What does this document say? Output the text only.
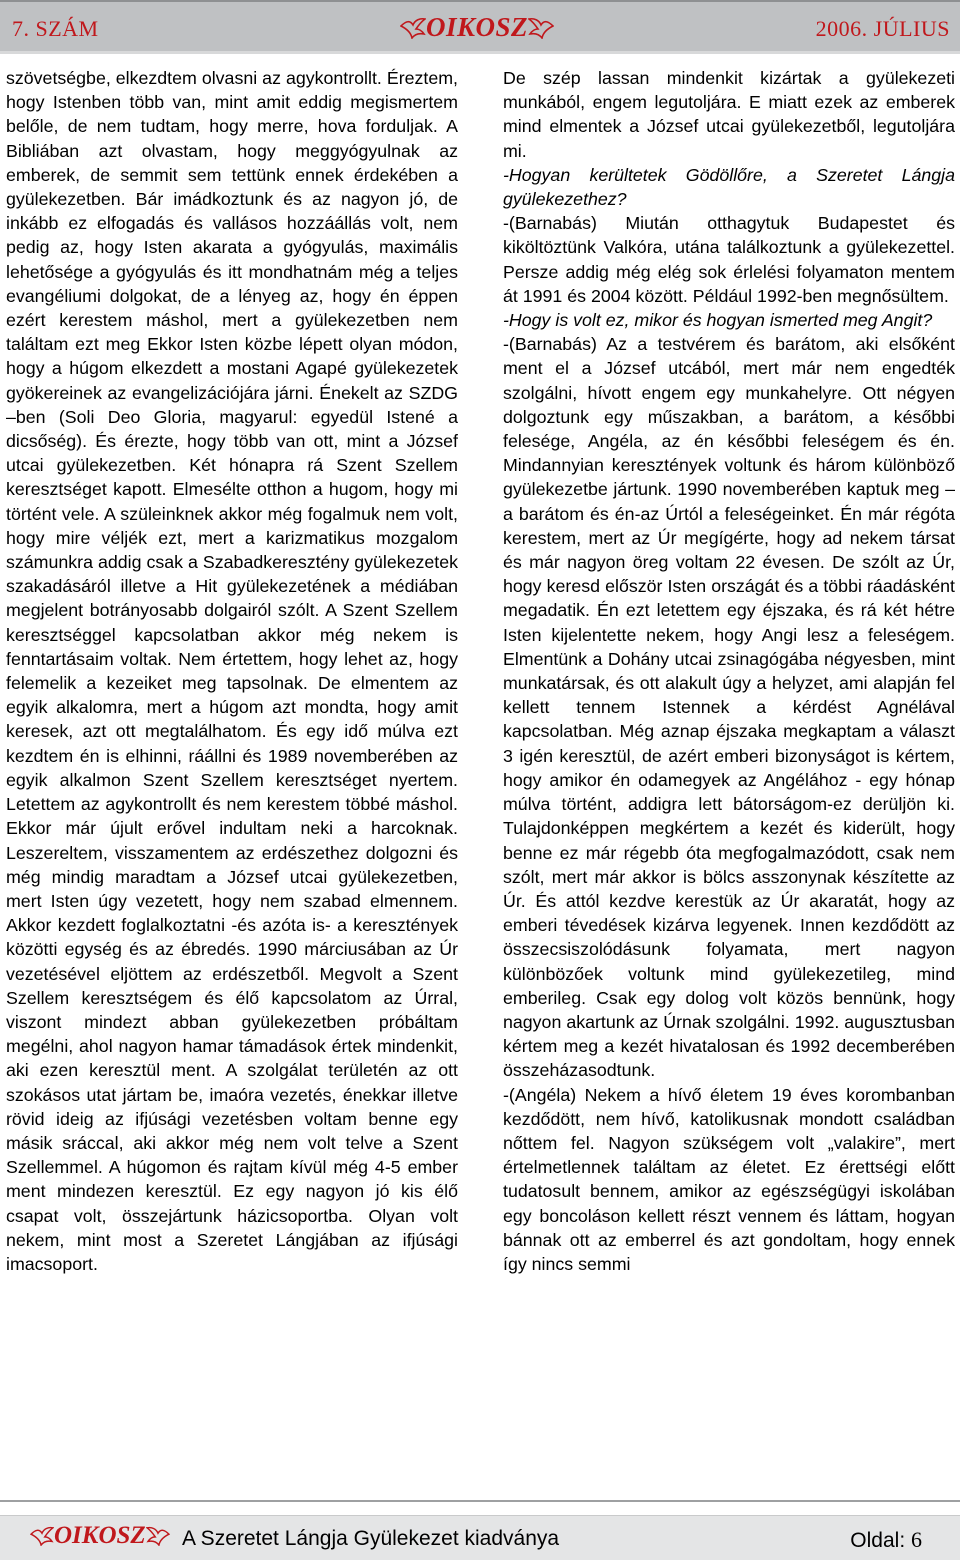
7. SZÁM	OIKOSZ	2006. JÚLIUS

szövetségbe, elkezdtem olvasni az agykontrollt. Éreztem, hogy Istenben több van, mint amit eddig megismertem belőle, de nem tudtam, hogy merre, hova forduljak. A Bibliában azt olvastam, hogy meggyógyulnak az emberek, de semmit sem tettünk ennek érdekében a gyülekezetben. Bár imádkoztunk és az nagyon jó, de inkább ez elfogadás és vallásos hozzáállás volt, nem pedig az, hogy Isten akarata a gyógyulás, maximális lehetősége a gyógyulás és itt mondhatnám még a teljes evangéliumi dolgokat, de a lényeg az, hogy én éppen ezért kerestem máshol, mert a gyülekezetben nem találtam ezt meg Ekkor Isten közbe lépett olyan módon, hogy a húgom elkezdett a mostani Agapé gyülekezetek gyökereinek az evangelizációjára járni. Énekelt az SZDG –ben (Soli Deo Gloria, magyarul: egyedül Istené a dicsőség). És érezte, hogy több van ott, mint a József utcai gyülekezetben. Két hónapra rá Szent Szellem keresztséget kapott. Elmesélte otthon a hugom, hogy mi történt vele. A szüleinknek akkor még fogalmuk nem volt, hogy mire véljék ezt, mert a karizmatikus mozgalom számunkra addig csak a Szabadkeresztény gyülekezetek szakadásáról illetve a Hit gyülekezetének a médiában megjelent botrányosabb dolgairól szólt. A Szent Szellem keresztséggel kapcsolatban akkor még nekem is fenntartásaim voltak. Nem értettem, hogy lehet az, hogy felemelik a kezeiket meg tapsolnak. De elmentem az egyik alkalomra, mert a húgom azt mondta, hogy amit keresek, azt ott megtalálhatom. És egy idő múlva ezt kezdtem én is elhinni, ráállni és 1989 novemberében az egyik alkalmon Szent Szellem keresztséget nyertem. Letettem az agykontrollt és nem kerestem többé máshol. Ekkor már újult erővel indultam neki a harcoknak. Leszereltem, visszamentem az erdészethez dolgozni és még mindig maradtam a József utcai gyülekezetben, mert Isten úgy vezetett, hogy nem szabad elmennem. Akkor kezdett foglalkoztatni -és azóta is- a keresztények közötti egység és az ébredés. 1990 márciusában az Úr vezetésével eljöttem az erdészetből. Megvolt a Szent Szellem keresztségem és élő kapcsolatom az Úrral, viszont mindezt abban gyülekezetben próbáltam megélni, ahol nagyon hamar támadások értek mindenkit, aki ezen keresztül ment. A szolgálat területén az ott szokásos utat jártam be, imaóra vezetés, énekkar illetve rövid ideig az ifjúsági vezetésben voltam benne egy másik sráccal, aki akkor még nem volt telve a Szent Szellemmel. A húgomon és rajtam kívül még 4-5 ember ment mindezen keresztül. Ez egy nagyon jó kis élő csapat volt, összejártunk házicsoportba. Olyan volt nekem, mint most a Szeretet Lángjában az ifjúsági imacsoport.

De szép lassan mindenkit kizártak a gyülekezeti munkából, engem legutoljára. E miatt ezek az emberek mind elmentek a József utcai gyülekezetből, legutoljára mi.

-Hogyan kerültetek Gödöllőre, a Szeretet Lángja gyülekezethez?

-(Barnabás) Miután otthagytuk Budapestet és kiköltöztünk Valkóra, utána találkoztunk a gyülekezettel. Persze addig még elég sok érlelési folyamaton mentem át 1991 és 2004 között. Például 1992-ben megnősültem.

-Hogy is volt ez, mikor és hogyan ismerted meg Angit?

-(Barnabás) Az a testvérem és barátom, aki elsőként ment el a József utcából, mert már nem engedték szolgálni, hívott engem egy munkahelyre. Ott négyen dolgoztunk egy műszakban, a barátom, a későbbi felesége, Angéla, az én későbbi feleségem és én. Mindannyian keresztények voltunk és három különböző gyülekezetbe jártunk. 1990 novemberében kaptuk meg –a barátom és én-az Úrtól a feleségeinket. Én már régóta kerestem, mert az Úr megígérte, hogy ad nekem társat és már nagyon öreg voltam 22 évesen. De szólt az Úr, hogy keresd először Isten országát és a többi ráadásként megadatik. Én ezt letettem egy éjszaka, és rá két hétre Isten kijelentette nekem, hogy Angi lesz a feleségem. Elmentünk a Dohány utcai zsinagógába négyesben, mint munkatársak, és ott alakult úgy a helyzet, ami alapján fel kellett tennem Istennek a kérdést Agnélával kapcsolatban. Még aznap éjszaka megkaptam a választ 3 igén keresztül, de azért emberi bizonyságot is kértem, hogy amikor én odamegyek az Angélához - egy hónap múlva történt, addigra lett bátorságom-ez derüljön ki. Tulajdonképpen megkértem a kezét és kiderült, hogy benne ez már régebb óta megfogalmazódott, csak nem szólt, mert már akkor is bölcs asszonynak készítette az Úr. És attól kezdve kerestük az Úr akaratát, hogy az emberi tévedések kizárva legyenek. Innen kezdődött az összecsiszolódásunk folyamata, mert nagyon különbözőek voltunk mind gyülekezetileg, mind emberileg. Csak egy dolog volt közös bennünk, hogy nagyon akartunk az Úrnak szolgálni. 1992. augusztusban kértem meg a kezét hivatalosan és 1992 decemberében összeházasodtunk.

-(Angéla) Nekem a hívő életem 19 éves korombanban kezdődött, nem hívő, katolikusnak mondott családban nőttem fel. Nagyon szükségem volt „valakire”, mert értelmetlennek találtam az életet. Ez érettségi előtt tudatosult bennem, amikor az egészségügyi iskolában egy boncoláson kellett részt vennem és láttam, hogyan bánnak ott az emberrel és azt gondoltam, hogy ennek így nincs semmi

OIKOSZ A Szeretet Lángja Gyülekezet kiadványa	Oldal: 6
